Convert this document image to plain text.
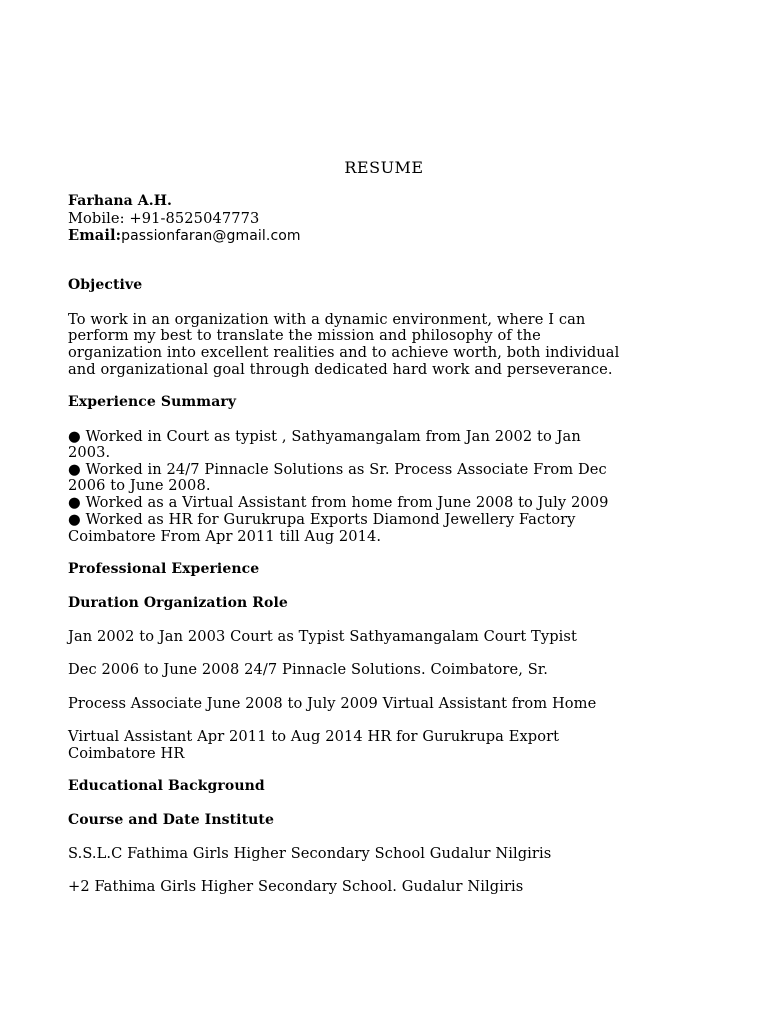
RESUME
Farhana A.H.
Mobile: +91-8525047773
Email:passionfaran@gmail.com
Objective
To work in an organization with a dynamic environment, where I can
perform my best to translate the mission and philosophy of the
organization into excellent realities and to achieve worth, both individual
and organizational goal through dedicated hard work and perseverance.
Experience Summary
● Worked in Court as typist , Sathyamangalam from Jan 2002 to Jan
2003.
● Worked in 24/7 Pinnacle Solutions as Sr. Process Associate From Dec
2006 to June 2008.
● Worked as a Virtual Assistant from home from June 2008 to July 2009
● Worked as HR for Gurukrupa Exports Diamond Jewellery Factory
Coimbatore From Apr 2011 till Aug 2014.
Professional Experience
Duration Organization Role
Jan 2002 to Jan 2003 Court as Typist Sathyamangalam Court Typist
Dec 2006 to June 2008 24/7 Pinnacle Solutions. Coimbatore, Sr.
Process Associate June 2008 to July 2009 Virtual Assistant from Home
Virtual Assistant Apr 2011 to Aug 2014 HR for Gurukrupa Export
Coimbatore HR
Educational Background
Course and Date Institute
S.S.L.C Fathima Girls Higher Secondary School Gudalur Nilgiris
+2 Fathima Girls Higher Secondary School. Gudalur Nilgiris
